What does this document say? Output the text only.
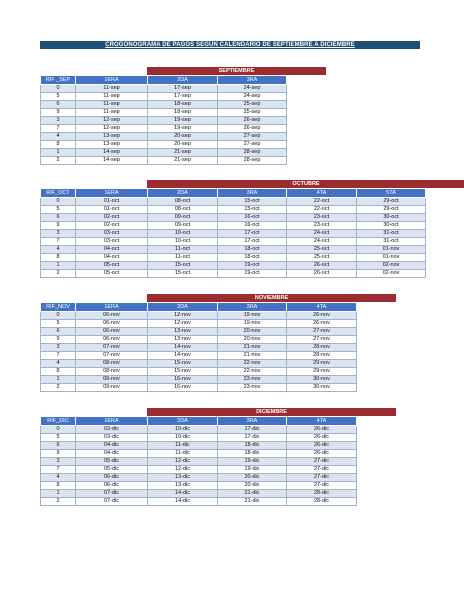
CROGONOGRAMA DE PAGOS SEGÚN CALENDARIO DE SEPTIEMBRE A DICIEMBRE
SEPTIEMBRE
RIF _SEP	1ERA	2DA	3RA
0	11-sep	17-sep	24-sep
5	11-sep	17-sep	24-sep
6	11-sep	18-sep	25-sep
9	11-sep	18-sep	25-sep
3	12-sep	19-sep	26-sep
7	12-sep	19-sep	26-sep
4	13-sep	20-sep	27-sep
8	13-sep	20-sep	27-sep
1	14-sep	21-sep	28-sep
2	14-sep	21-sep	28-sep
OCTUBRE
RIF_OCT	1ERA	2DA	3RA	4TA	5TA
0	01-oct	08-oct	15-oct	22-oct	29-oct
5	01-oct	08-oct	15-oct	22-oct	29-oct
6	02-oct	09-oct	16-oct	23-oct	30-oct
9	02-oct	09-oct	16-oct	23-oct	30-oct
3	03-oct	10-oct	17-oct	24-oct	31-oct
7	03-oct	10-oct	17-oct	24-oct	31-oct
4	04-oct	11-oct	18-oct	25-oct	01-nov
8	04-oct	11-oct	18-oct	25-oct	01-nov
1	05-oct	15-oct	19-oct	26-oct	02-nov
2	05-oct	15-oct	19-oct	26-oct	02-nov
NOVIEMBRE
RIF_NOV	1ERA	2DA	3RA	4TA
0	06-nov	12-nov	19-nov	26-nov
5	06-nov	12-nov	19-nov	26-nov
6	06-nov	13-nov	20-nov	27-nov
9	06-nov	13-nov	20-nov	27-nov
3	07-nov	14-nov	21-nov	28-nov
7	07-nov	14-nov	21-nov	28-nov
4	08-nov	15-nov	22-nov	29-nov
8	08-nov	15-nov	22-nov	29-nov
1	09-nov	16-nov	23-nov	30-nov
2	09-nov	16-nov	23-nov	30-nov
DICIEMBRE
RIF_DIC	1ERA	2DA	3RA	4TA
0	03-dic	10-dic	17-dic	26-dic
5	03-dic	10-dic	17-dic	26-dic
6	04-dic	11-dic	18-dic	26-dic
9	04-dic	11-dic	18-dic	26-dic
3	05-dic	12-dic	19-dic	27-dic
7	05-dic	12-dic	19-dic	27-dic
4	06-dic	13-dic	20-dic	27-dic
8	06-dic	13-dic	20-dic	27-dic
1	07-dic	14-dic	21-dic	28-dic
2	07-dic	14-dic	21-dic	28-dic
